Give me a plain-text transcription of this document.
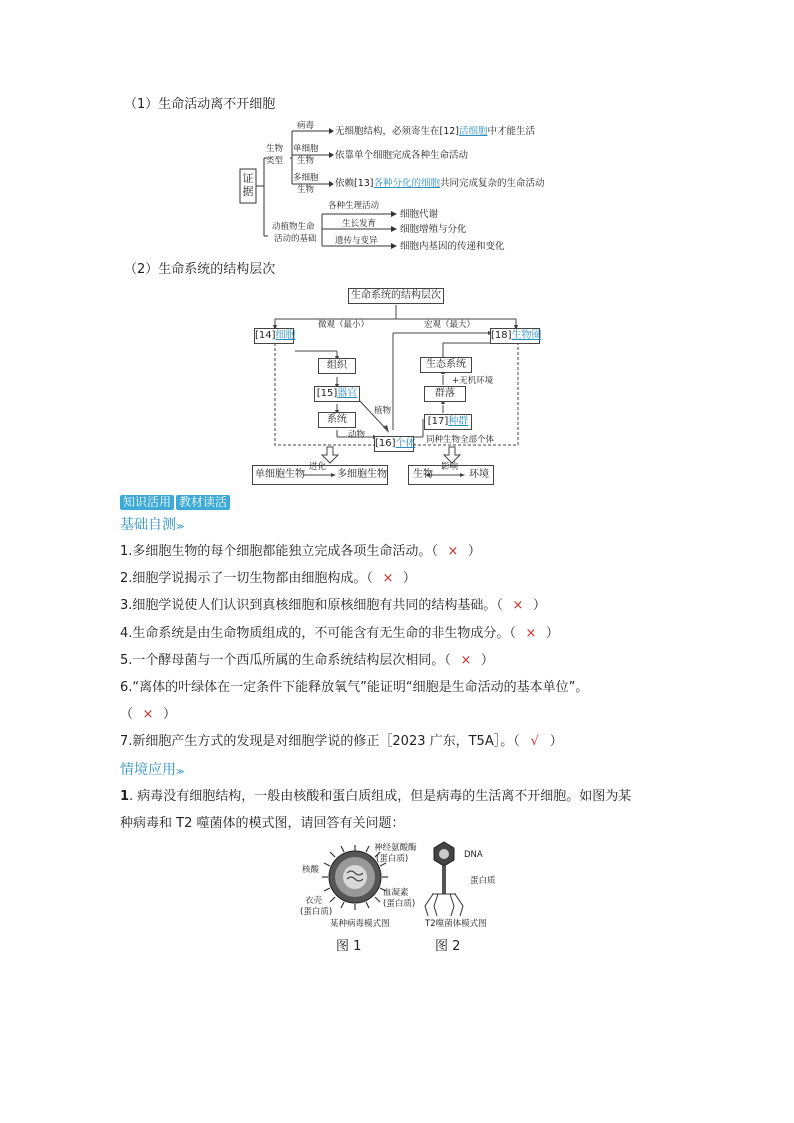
（1）生命活动离不开细胞
证据
生物
类型
病毒 无细胞结构，必须寄生在[12]活细胞中才能生活
单细胞
生物 依靠单个细胞完成各种生命活动
多细胞
生物
依赖[13]各种分化的细胞共同完成复杂的生命活动
动植物生命
活动的基础
各种生理活动
细胞代谢
生长发育	细胞增殖与分化
遗传与变异 细胞内基因的传递和变化
（2）生命系统的结构层次
生命系统的结构层次
微观（最小）	宏观（最大）
[14]细胞	[18]生物圈
组织
[15]器官
系统
植物
动物
[16]个体
生态系统
+无机环境
群落
[17]种群
同种生物全部个体
单细胞生物
进化
多细胞生物	生物
影响
环境
知识活用 教材读活
基础自测≫
1.多细胞生物的每个细胞都能独立完成各项生命活动。（ × ）
2.细胞学说揭示了一切生物都由细胞构成。（ × ）
3.细胞学说使人们认识到真核细胞和原核细胞有共同的结构基础。（ × ）
4.生命系统是由生命物质组成的，不可能含有无生命的非生物成分。（ × ）
5.一个酵母菌与一个西瓜所属的生命系统结构层次相同。（ × ）
6.“离体的叶绿体在一定条件下能释放氧气”能证明“细胞是生命活动的基本单位”。
（ × ）
7.新细胞产生方式的发现是对细胞学说的修正［2023 广东，T5A］。（ √ ）
情境应用≫
1. 病毒没有细胞结构，一般由核酸和蛋白质组成，但是病毒的生活离不开细胞。如图为某
种病毒和 T2 噬菌体的模式图，请回答有关问题：
核酸
神经氨酸酶
(蛋白质)
血凝素
(蛋白质)
衣壳
(蛋白质)
某种病毒模式图
DNA
蛋白质
T2噬菌体模式图
图 1	图 2
